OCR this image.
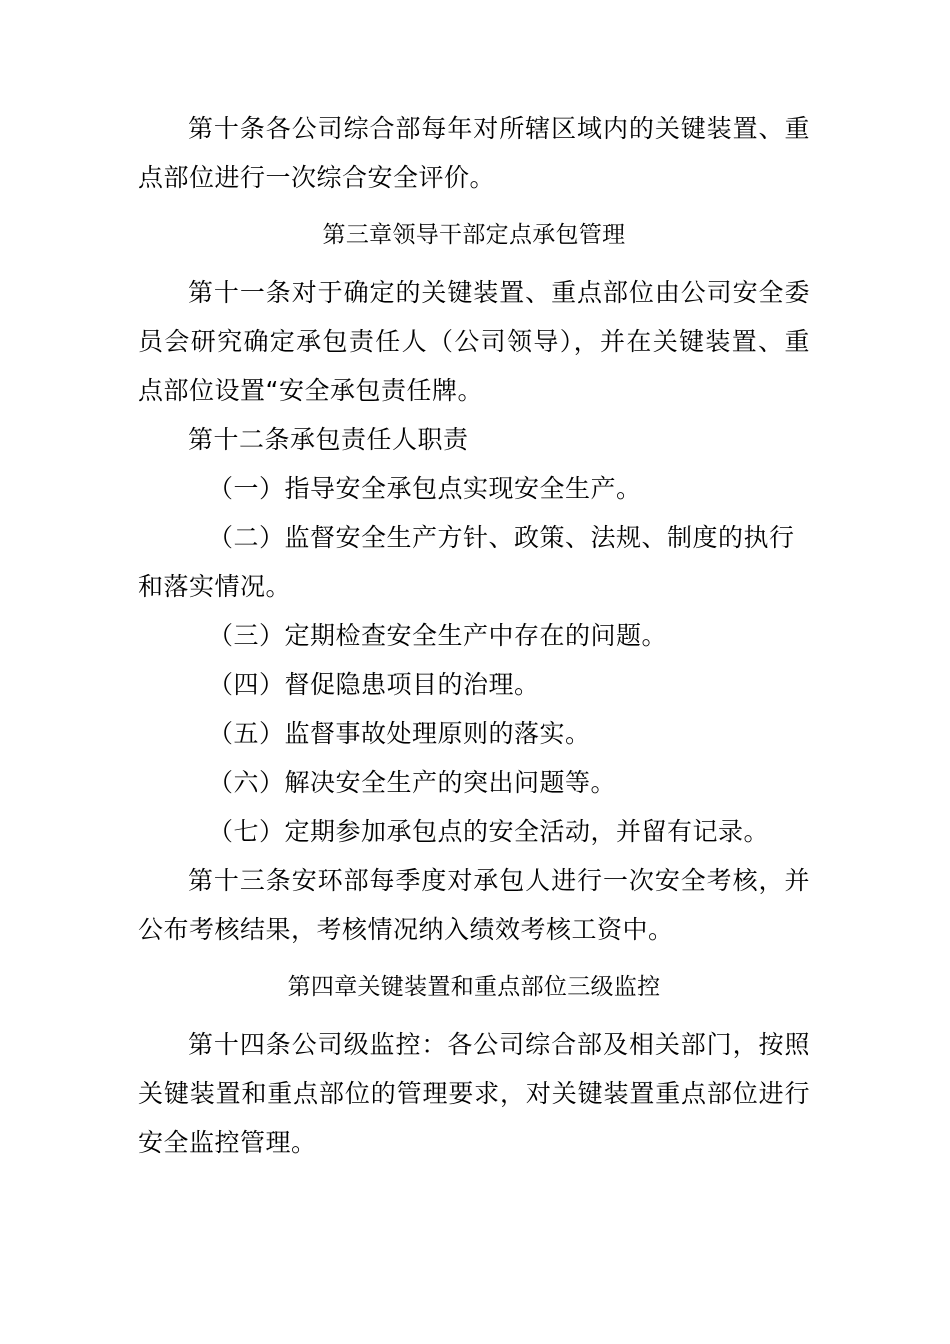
第十条各公司综合部每年对所辖区域内的关键装置、重点部位进行一次综合安全评价。

第三章领导干部定点承包管理

第十一条对于确定的关键装置、重点部位由公司安全委员会研究确定承包责任人（公司领导），并在关键装置、重点部位设置“安全承包责任牌。

第十二条承包责任人职责

（一）指导安全承包点实现安全生产。

（二）监督安全生产方针、政策、法规、制度的执行和落实情况。

（三）定期检查安全生产中存在的问题。

（四）督促隐患项目的治理。

（五）监督事故处理原则的落实。

（六）解决安全生产的突出问题等。

（七）定期参加承包点的安全活动，并留有记录。

第十三条安环部每季度对承包人进行一次安全考核，并公布考核结果，考核情况纳入绩效考核工资中。

第四章关键装置和重点部位三级监控

第十四条公司级监控：各公司综合部及相关部门，按照关键装置和重点部位的管理要求，对关键装置重点部位进行安全监控管理。
